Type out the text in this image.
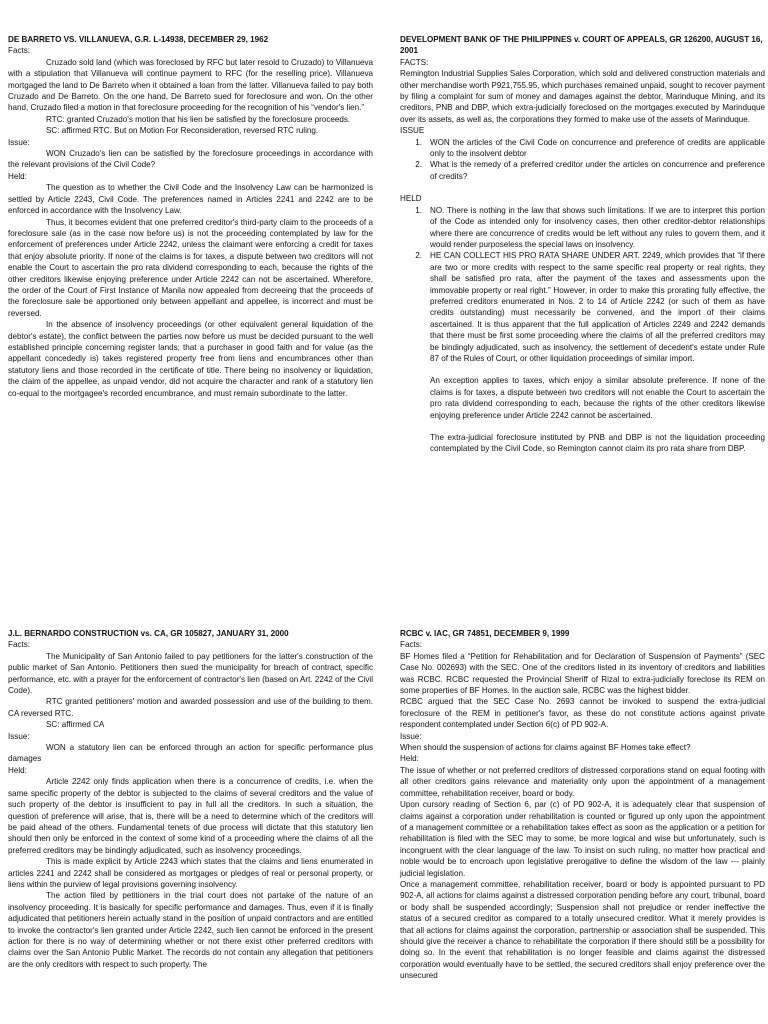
DE BARRETO VS. VILLANUEVA, G.R. L-14938, DECEMBER 29, 1962

Facts:

Cruzado sold land (which was foreclosed by RFC but later resold to Cruzado) to Villanueva with a stipulation that Villanueva will continue payment to RFC (for the reselling price). Villanueva mortgaged the land to De Barreto when it obtained a loan from the latter. Villanueva failed to pay both Cruzado and De Barreto. On the one hand, De Barreto sued for foreclosure and won. On the other hand, Cruzado filed a motion in that foreclosure proceeding for the recognition of his “vendor's lien.”

RTC: granted Cruzado's motion that his lien be satisfied by the foreclosure proceeds.

SC: affirmed RTC. But on Motion For Reconsideration, reversed RTC ruling.

Issue:

WON Cruzado's lien can be satisfied by the foreclosure proceedings in accordance with the relevant provisions of the Civil Code?

Held:

The question as to whether the Civil Code and the Insolvency Law can be harmonized is settled by Article 2243, Civil Code. The preferences named in Articles 2241 and 2242 are to be enforced in accordance with the Insolvency Law.

Thus, it becomes evident that one preferred creditor's third-party claim to the proceeds of a foreclosure sale (as in the case now before us) is not the proceeding contemplated by law for the enforcement of preferences under Article 2242, unless the claimant were enforcing a credit for taxes that enjoy absolute priority. If none of the claims is for taxes, a dispute between two creditors will not enable the Court to ascertain the pro rata dividend corresponding to each, because the rights of the other creditors likewise enjoying preference under Article 2242 can not be ascertained. Wherefore, the order of the Court of First Instance of Manila now appealed from decreeing that the proceeds of the foreclosure sale be apportioned only between appellant and appellee, is incorrect and must be reversed.

In the absence of insolvency proceedings (or other equivalent general liquidation of the debtor's estate), the conflict between the parties now before us must be decided pursuant to the well established principle concerning register lands; that a purchaser in good faith and for value (as the appellant concededly is) takes registered property free from liens and encumbrances other than statutory liens and those recorded in the certificate of title. There being no insolvency or liquidation, the claim of the appellee, as unpaid vendor, did not acquire the character and rank of a statutory lien co-equal to the mortgagee's recorded encumbrance, and must remain subordinate to the latter.

DEVELOPMENT BANK OF THE PHILIPPINES v. COURT OF APPEALS, GR 126200, AUGUST 16, 2001

FACTS:

Remington Industrial Supplies Sales Corporation, which sold and delivered construction materials and other merchandise worth P921,755.95, which purchases remained unpaid, sought to recover payment by filing a complaint for sum of money and damages against the debtor, Marinduque Mining, and its creditors, PNB and DBP, which extra-judicially foreclosed on the mortgages executed by Marinduque over its assets, as well as, the corporations they formed to make use of the assets of Marinduque.

ISSUE

1. WON the articles of the Civil Code on concurrence and preference of credits are applicable only to the insolvent debtor
2. What is the remedy of a preferred creditor under the articles on concurrence and preference of credits?

HELD

1. NO. There is nothing in the law that shows such limitations. If we are to interpret this portion of the Code as intended only for insolvency cases, then other creditor-debtor relationships where there are concurrence of credits would be left without any rules to govern them, and it would render purposeless the special laws on insolvency.
2. HE CAN COLLECT HIS PRO RATA SHARE UNDER ART. 2249, which provides that “if there are two or more credits with respect to the same specific real property or real rights, they shall be satisfied pro rata, after the payment of the taxes and assessments upon the immovable property or real right.” However, in order to make this prorating fully effective, the preferred creditors enumerated in Nos. 2 to 14 of Article 2242 (or such of them as have credits outstanding) must necessarily be convened, and the import of their claims ascertained. It is thus apparent that the full application of Articles 2249 and 2242 demands that there must be first some proceeding where the claims of all the preferred creditors may be bindingly adjudicated, such as insolvency, the settlement of decedent's estate under Rule 87 of the Rules of Court, or other liquidation proceedings of similar import.
An exception applies to taxes, which enjoy a similar absolute preference. If none of the claims is for taxes, a dispute between two creditors will not enable the Court to ascertain the pro rata dividend corresponding to each, because the rights of the other creditors likewise enjoying preference under Article 2242 cannot be ascertained.
The extra-judicial foreclosure instituted by PNB and DBP is not the liquidation proceeding contemplated by the Civil Code, so Remington cannot claim its pro rata share from DBP.

J.L. BERNARDO CONSTRUCTION vs. CA, GR 105827, JANUARY 31, 2000

Facts:

The Municipality of San Antonio failed to pay petitioners for the latter's construction of the public market of San Antonio. Petitioners then sued the municipality for breach of contract, specific performance, etc. with a prayer for the enforcement of contractor's lien (based on Art. 2242 of the Civil Code).

RTC granted petitioners' motion and awarded possession and use of the building to them. CA reversed RTC.

SC: affirmed CA

Issue:

WON a statutory lien can be enforced through an action for specific performance plus damages

Held:

Article 2242 only finds application when there is a concurrence of credits, i.e. when the same specific property of the debtor is subjected to the claims of several creditors and the value of such property of the debtor is insufficient to pay in full all the creditors. In such a situation, the question of preference will arise, that is, there will be a need to determine which of the creditors will be paid ahead of the others. Fundamental tenets of due process will dictate that this statutory lien should then only be enforced in the context of some kind of a proceeding where the claims of all the preferred creditors may be bindingly adjudicated, such as insolvency proceedings.

This is made explicit by Article 2243 which states that the claims and liens enumerated in articles 2241 and 2242 shall be considered as mortgages or pledges of real or personal property, or liens within the purview of legal provisions governing insolvency.

The action filed by petitioners in the trial court does not partake of the nature of an insolvency proceeding. It is basically for specific performance and damages. Thus, even if it is finally adjudicated that petitioners herein actually stand in the position of unpaid contractors and are entitled to invoke the contractor's lien granted under Article 2242, such lien cannot be enforced in the present action for there is no way of determining whether or not there exist other preferred creditors with claims over the San Antonio Public Market. The records do not contain any allegation that petitioners are the only creditors with respect to such property. The

RCBC v. IAC, GR 74851, DECEMBER 9, 1999

Facts:

BF Homes filed a “Petition for Rehabilitation and for Declaration of Suspension of Payments” (SEC Case No. 002693) with the SEC. One of the creditors listed in its inventory of creditors and liabilities was RCBC. RCBC requested the Provincial Sheriff of Rizal to extra-judicially foreclose its REM on some properties of BF Homes. In the auction sale, RCBC was the highest bidder.

RCBC argued that the SEC Case No. 2693 cannot be invoked to suspend the extra-judicial foreclosure of the REM in petitioner's favor, as these do not constitute actions against private respondent contemplated under Section 6(c) of PD 902-A.

Issue:

When should the suspension of actions for claims against BF Homes take effect?

Held:

The issue of whether or not preferred creditors of distressed corporations stand on equal footing with all other creditors gains relevance and materiality only upon the appointment of a management committee, rehabilitation receiver, board or body.

Upon cursory reading of Section 6, par (c) of PD 902-A, it is adequately clear that suspension of claims against a corporation under rehabilitation is counted or figured up only upon the appointment of a management committee or a rehabilitation takes effect as soon as the application or a petition for rehabilitation is filed with the SEC may to some, be more logical and wise but unfortunately, such is incongruent with the clear language of the law. To insist on such ruling, no matter how practical and noble would be to encroach upon legislative prerogative to define the wisdom of the law --- plainly judicial legislation.

Once a management committee, rehabilitation receiver, board or body is appointed pursuant to PD 902-A, all actions for claims against a distressed corporation pending before any court, tribunal, board or body shall be suspended accordingly; Suspension shall not prejudice or render ineffective the status of a secured creditor as compared to a totally unsecured creditor. What it merely provides is that all actions for claims against the corporation, partnership or association shall be suspended. This should give the receiver a chance to rehabilitate the corporation if there should still be a possibility for doing so. In the event that rehabilitation is no longer feasible and claims against the distressed corporation would eventually have to be settled, the secured creditors shall enjoy preference over the unsecured
